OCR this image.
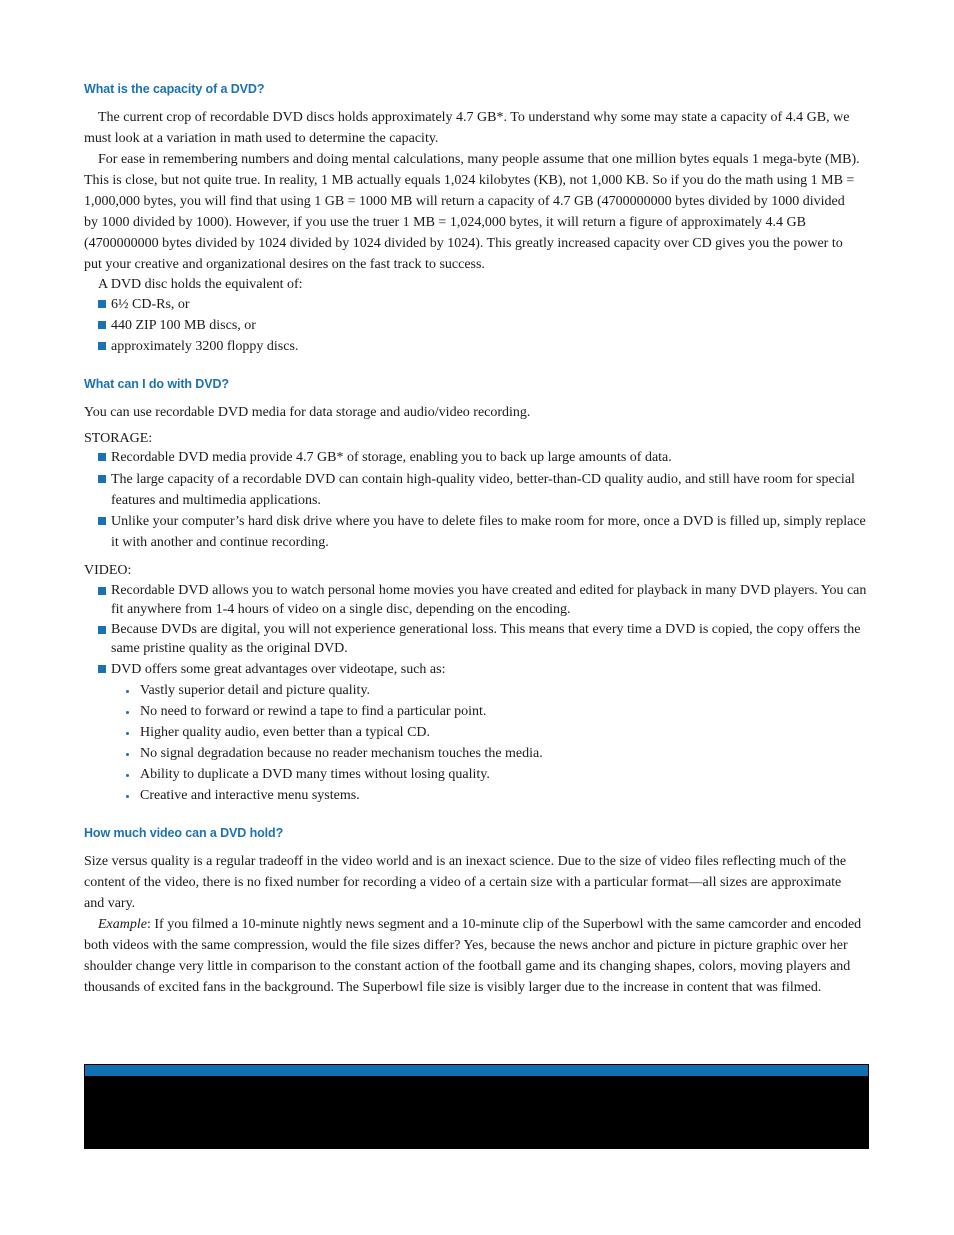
What is the capacity of a DVD?

The current crop of recordable DVD discs holds approximately 4.7 GB*. To understand why some may state a capacity of 4.4 GB, we must look at a variation in math used to determine the capacity.

For ease in remembering numbers and doing mental calculations, many people assume that one million bytes equals 1 mega-byte (MB). This is close, but not quite true. In reality, 1 MB actually equals 1,024 kilobytes (KB), not 1,000 KB. So if you do the math using 1 MB = 1,000,000 bytes, you will find that using 1 GB = 1000 MB will return a capacity of 4.7 GB (4700000000 bytes divided by 1000 divided by 1000 divided by 1000). However, if you use the truer 1 MB = 1,024,000 bytes, it will return a figure of approximately 4.4 GB (4700000000 bytes divided by 1024 divided by 1024 divided by 1024). This greatly increased capacity over CD gives you the power to put your creative and organizational desires on the fast track to success.

A DVD disc holds the equivalent of:

6½ CD-Rs, or
440 ZIP 100 MB discs, or
approximately 3200 floppy discs.
What can I do with DVD?

You can use recordable DVD media for data storage and audio/video recording.

STORAGE:

Recordable DVD media provide 4.7 GB* of storage, enabling you to back up large amounts of data.
The large capacity of a recordable DVD can contain high-quality video, better-than-CD quality audio, and still have room for special features and multimedia applications.
Unlike your computer’s hard disk drive where you have to delete files to make room for more, once a DVD is filled up, simply replace it with another and continue recording.

VIDEO:

Recordable DVD allows you to watch personal home movies you have created and edited for playback in many DVD players. You can fit anywhere from 1-4 hours of video on a single disc, depending on the encoding.
Because DVDs are digital, you will not experience generational loss. This means that every time a DVD is copied, the copy offers the same pristine quality as the original DVD.
DVD offers some great advantages over videotape, such as:
Vastly superior detail and picture quality.
No need to forward or rewind a tape to find a particular point.
Higher quality audio, even better than a typical CD.
No signal degradation because no reader mechanism touches the media.
Ability to duplicate a DVD many times without losing quality.
Creative and interactive menu systems.
How much video can a DVD hold?

Size versus quality is a regular tradeoff in the video world and is an inexact science. Due to the size of video files reflecting much of the content of the video, there is no fixed number for recording a video of a certain size with a particular format—all sizes are approximate and vary.

Example: If you filmed a 10-minute nightly news segment and a 10-minute clip of the Superbowl with the same camcorder and encoded both videos with the same compression, would the file sizes differ? Yes, because the news anchor and picture in picture graphic over her shoulder change very little in comparison to the constant action of the football game and its changing shapes, colors, moving players and thousands of excited fans in the background. The Superbowl file size is visibly larger due to the increase in content that was filmed.
